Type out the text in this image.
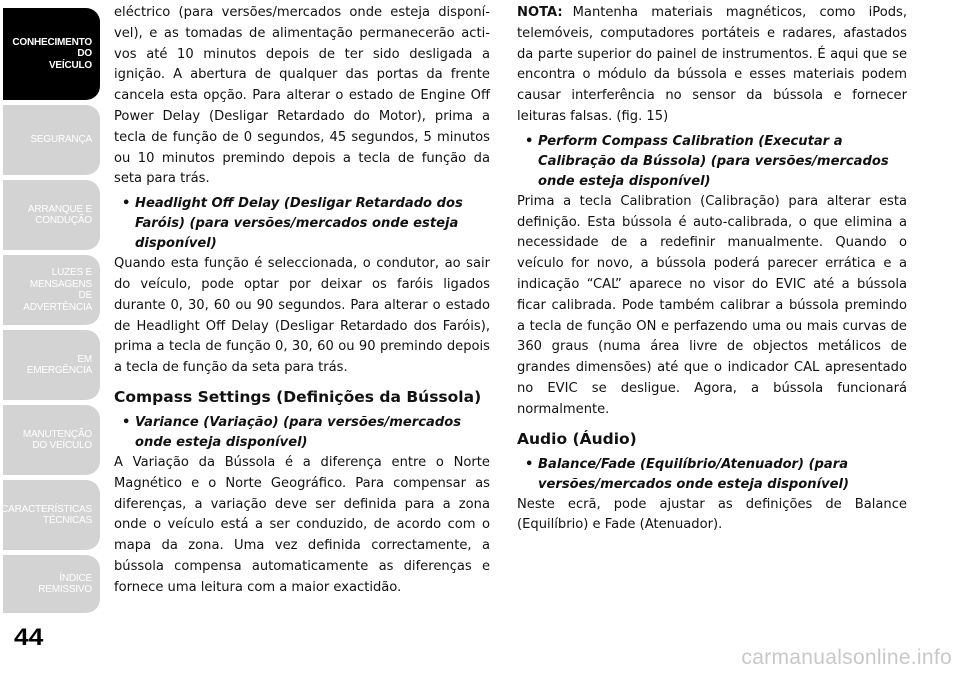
CONHECIMENTO
DO
VEÍCULO
SEGURANÇA
ARRANQUE E
CONDUÇÃO
LUZES E
MENSAGENS
DE
ADVERTÊNCIA
EM
EMERGÊNCIA
MANUTENÇÃO
DO VEÍCULO
CARACTERÍSTICAS
TÉCNICAS
ÍNDICE
REMISSIVO
44

eléctrico (para versões/mercados onde esteja disponível), e as tomadas de alimentação permanecerão activos até 10 minutos depois de ter sido desligada a ignição. A abertura de qualquer das portas da frente cancela esta opção. Para alterar o estado de Engine Off Power Delay (Desligar Retardado do Motor), prima a tecla de função de 0 segundos, 45 segundos, 5 minutos ou 10 minutos premindo depois a tecla de função da seta para trás.

• Headlight Off Delay (Desligar Retardado dos Faróis) (para versões/mercados onde esteja disponível)

Quando esta função é seleccionada, o condutor, ao sair do veículo, pode optar por deixar os faróis ligados durante 0, 30, 60 ou 90 segundos. Para alterar o estado de Headlight Off Delay (Desligar Retardado dos Faróis), prima a tecla de função 0, 30, 60 ou 90 premindo depois a tecla de função da seta para trás.

Compass Settings (Definições da Bússola)
• Variance (Variação) (para versões/mercados onde esteja disponível)

A Variação da Bússola é a diferença entre o Norte Magnético e o Norte Geográfico. Para compensar as diferenças, a variação deve ser definida para a zona onde o veículo está a ser conduzido, de acordo com o mapa da zona. Uma vez definida correctamente, a bússola compensa automaticamente as diferenças e fornece uma leitura com a maior exactidão.

NOTA: Mantenha materiais magnéticos, como iPods, telemóveis, computadores portáteis e radares, afastados da parte superior do painel de instrumentos. É aqui que se encontra o módulo da bússola e esses materiais podem causar interferência no sensor da bússola e fornecer leituras falsas. (fig. 15)

• Perform Compass Calibration (Executar a Calibração da Bússola) (para versões/mercados onde esteja disponível)

Prima a tecla Calibration (Calibração) para alterar esta definição. Esta bússola é auto-calibrada, o que elimina a necessidade de a redefinir manualmente. Quando o veículo for novo, a bússola poderá parecer errática e a indicação “CAL” aparece no visor do EVIC até a bússola ficar calibrada. Pode também calibrar a bússola premindo a tecla de função ON e perfazendo uma ou mais curvas de 360 graus (numa área livre de objectos metálicos de grandes dimensões) até que o indicador CAL apresentado no EVIC se desligue. Agora, a bússola funcionará normalmente.

Audio (Áudio)
• Balance/Fade (Equilíbrio/Atenuador) (para versões/mercados onde esteja disponível)

Neste ecrã, pode ajustar as definições de Balance (Equilíbrio) e Fade (Atenuador).

carmanualsonline.info
